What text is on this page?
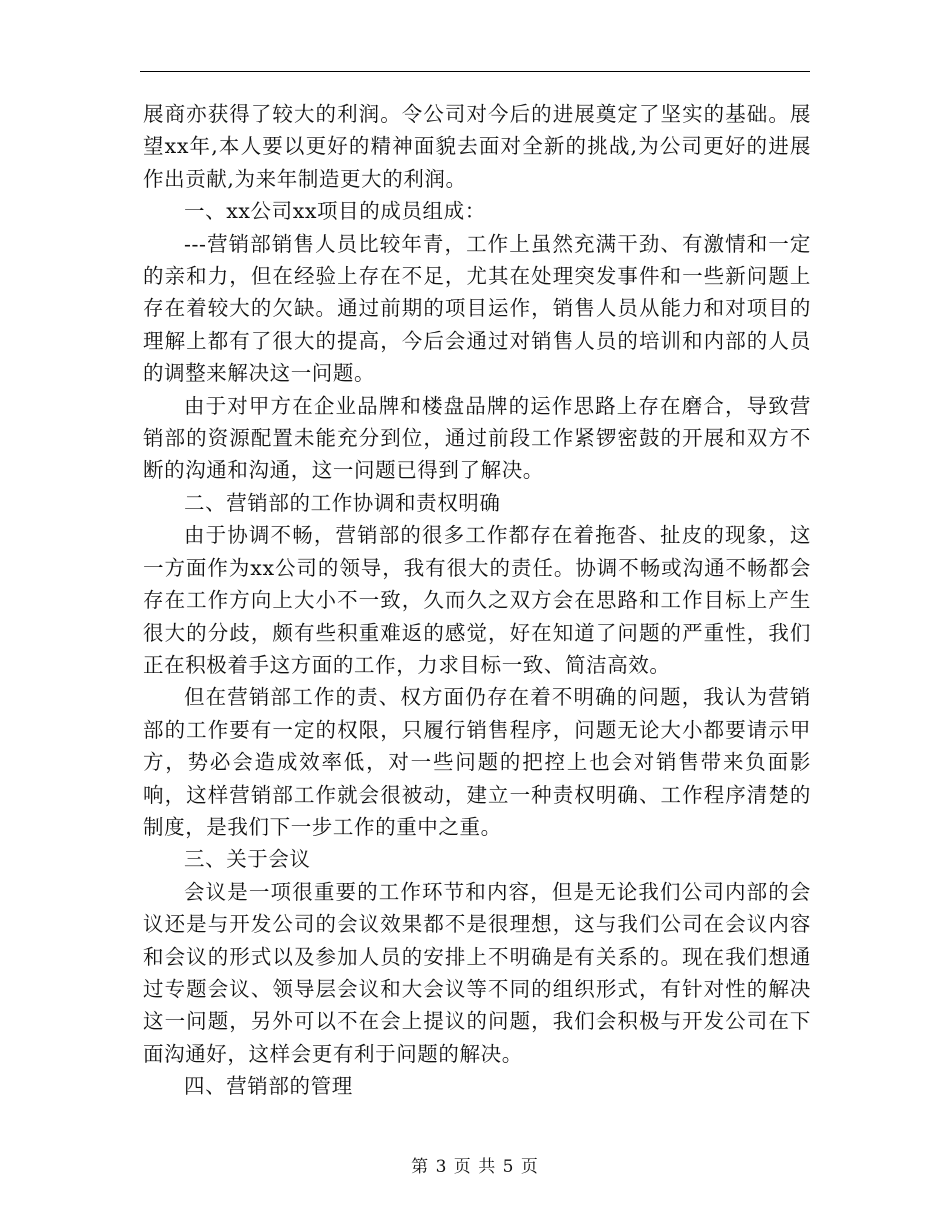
展商亦获得了较大的利润。令公司对今后的进展奠定了坚实的基础。展望xx年,本人要以更好的精神面貌去面对全新的挑战,为公司更好的进展作出贡献,为来年制造更大的利润。

一、xx公司xx项目的成员组成：

---营销部销售人员比较年青，工作上虽然充满干劲、有激情和一定的亲和力，但在经验上存在不足，尤其在处理突发事件和一些新问题上存在着较大的欠缺。通过前期的项目运作，销售人员从能力和对项目的理解上都有了很大的提高，今后会通过对销售人员的培训和内部的人员的调整来解决这一问题。

由于对甲方在企业品牌和楼盘品牌的运作思路上存在磨合，导致营销部的资源配置未能充分到位，通过前段工作紧锣密鼓的开展和双方不断的沟通和沟通，这一问题已得到了解决。

二、营销部的工作协调和责权明确

由于协调不畅，营销部的很多工作都存在着拖沓、扯皮的现象，这一方面作为xx公司的领导，我有很大的责任。协调不畅或沟通不畅都会存在工作方向上大小不一致，久而久之双方会在思路和工作目标上产生很大的分歧，颇有些积重难返的感觉，好在知道了问题的严重性，我们正在积极着手这方面的工作，力求目标一致、简洁高效。

但在营销部工作的责、权方面仍存在着不明确的问题，我认为营销部的工作要有一定的权限，只履行销售程序，问题无论大小都要请示甲方，势必会造成效率低，对一些问题的把控上也会对销售带来负面影响，这样营销部工作就会很被动，建立一种责权明确、工作程序清楚的制度，是我们下一步工作的重中之重。

三、关于会议

会议是一项很重要的工作环节和内容，但是无论我们公司内部的会议还是与开发公司的会议效果都不是很理想，这与我们公司在会议内容和会议的形式以及参加人员的安排上不明确是有关系的。现在我们想通过专题会议、领导层会议和大会议等不同的组织形式，有针对性的解决这一问题，另外可以不在会上提议的问题，我们会积极与开发公司在下面沟通好，这样会更有利于问题的解决。

四、营销部的管理

第 3 页 共 5 页
